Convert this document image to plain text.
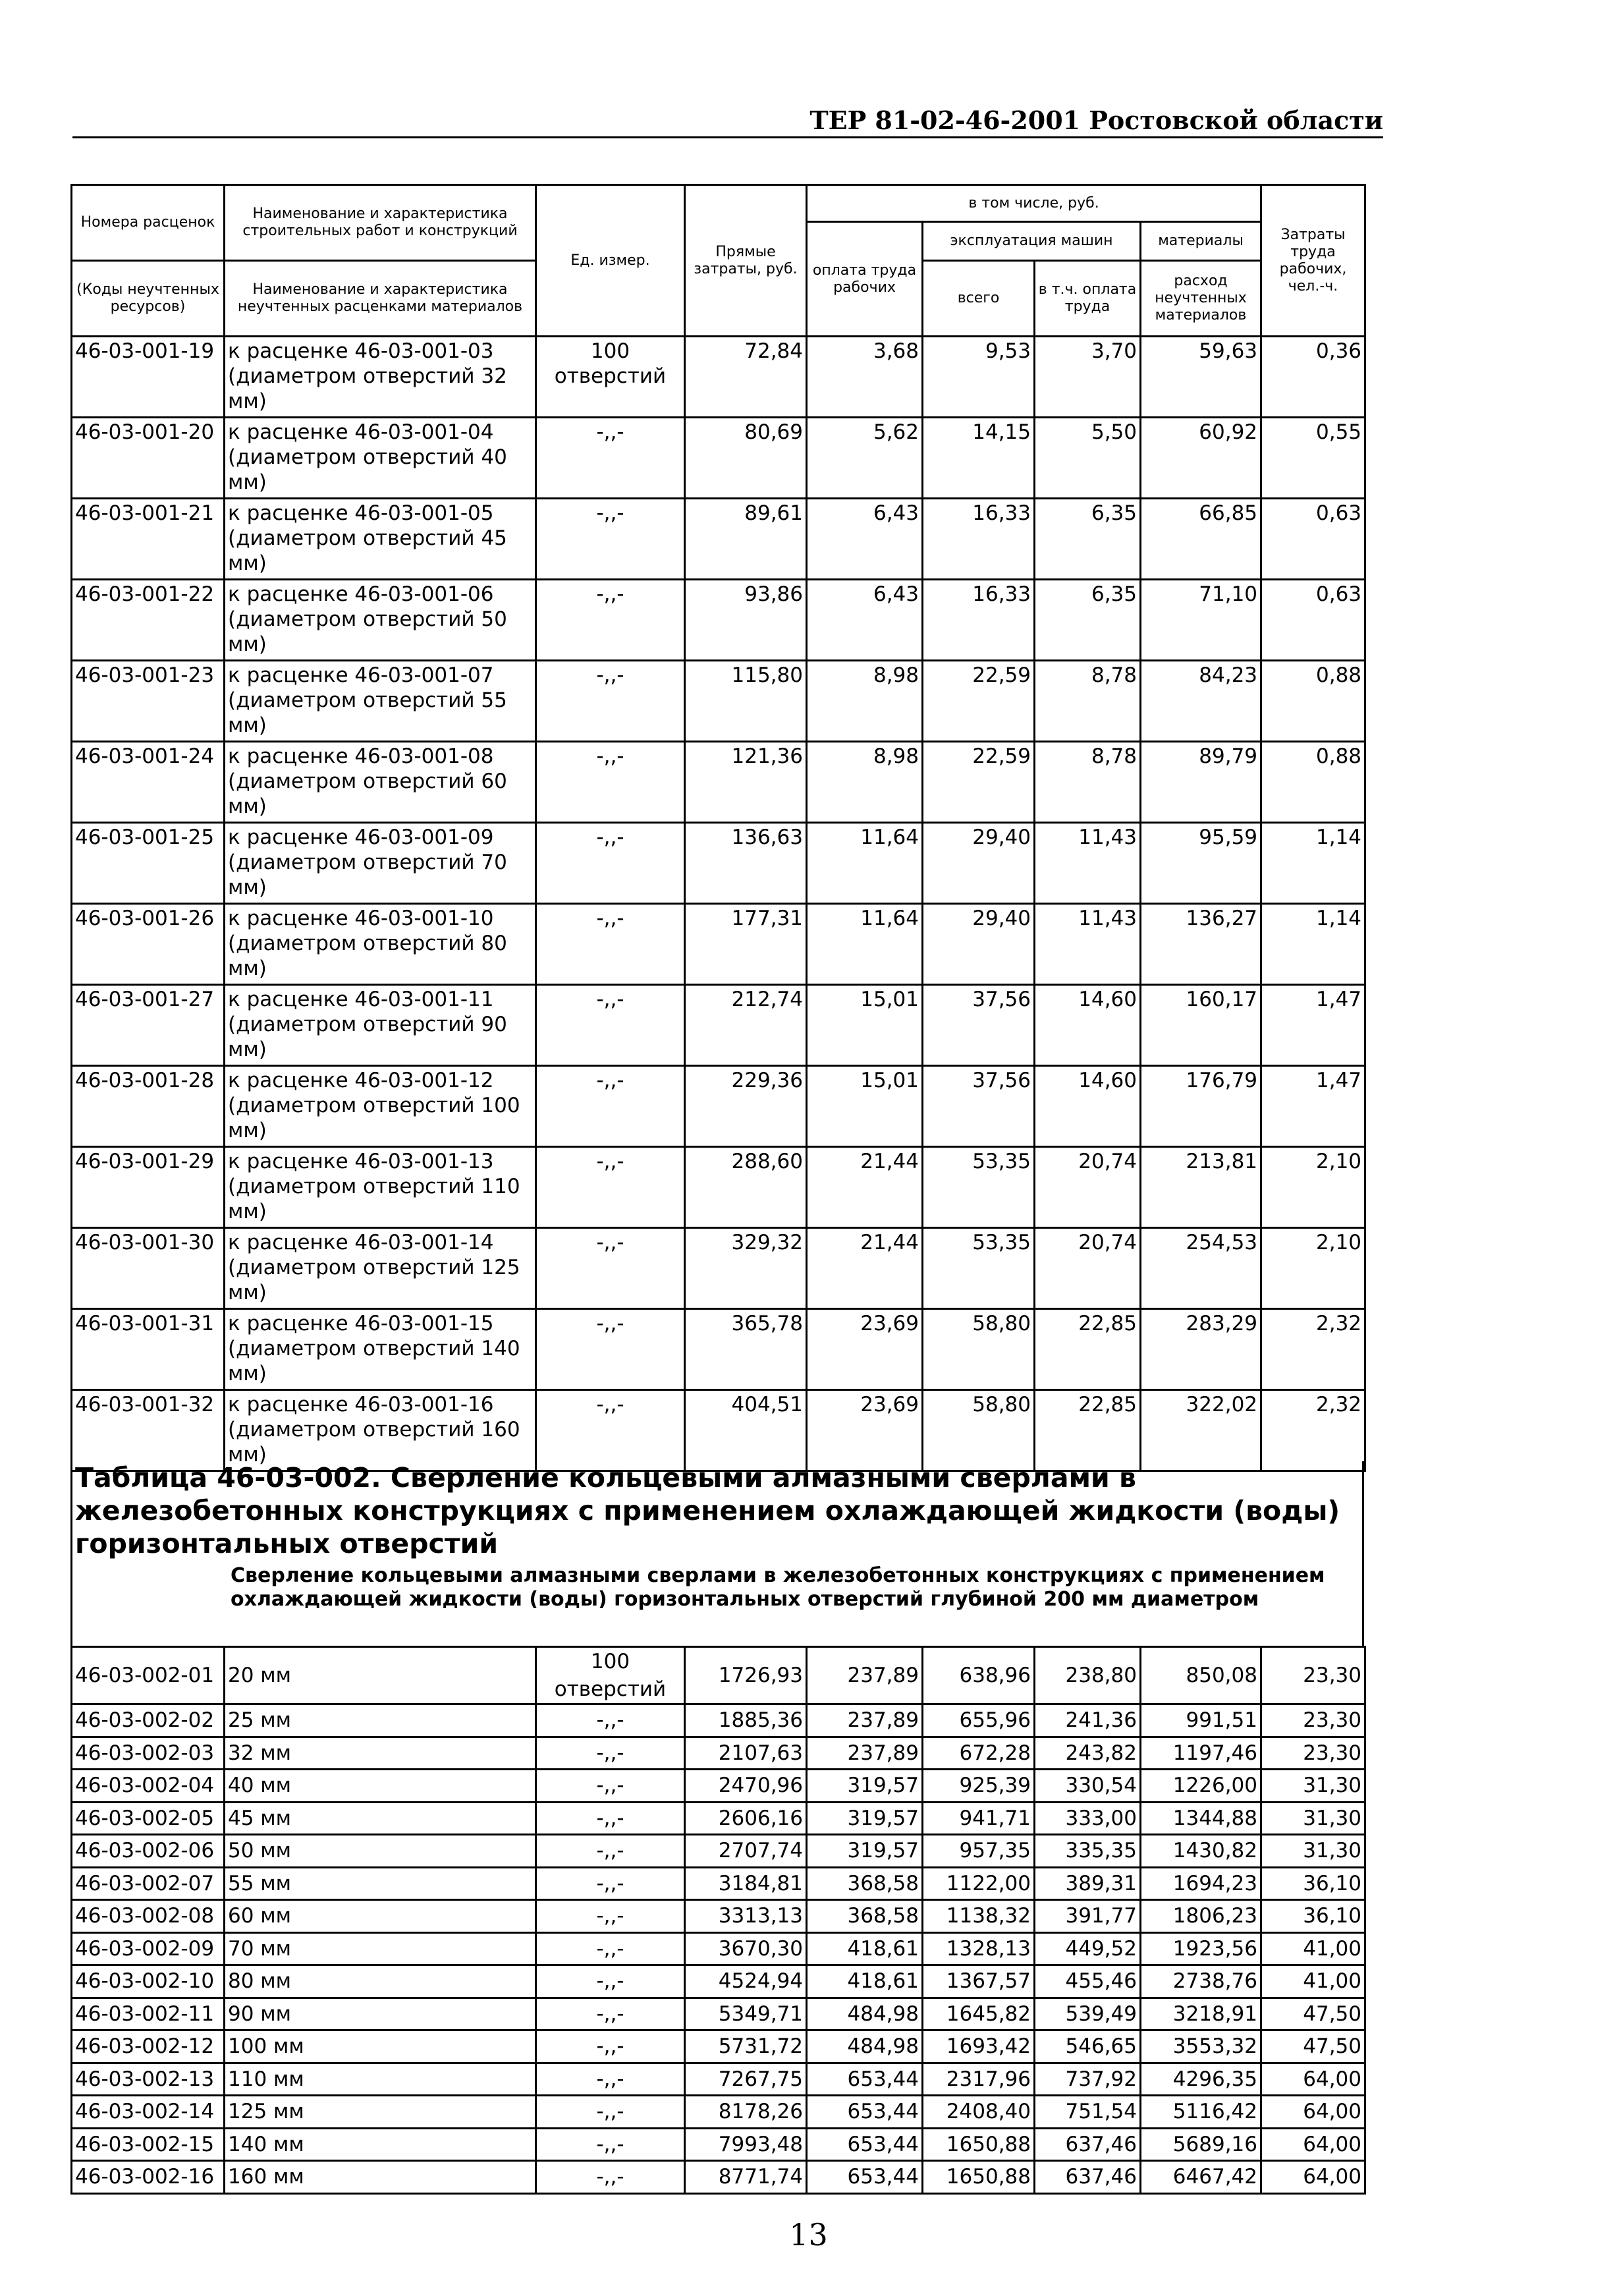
ТЕР 81-02-46-2001 Ростовской области
Номера расценок	Наименование и характеристика строительных работ и конструкций	Ед. измер.	Прямые затраты, руб.	в том числе, руб.				Затраты труда рабочих, чел.-ч.
				оплата труда рабочих	эксплуатация машин		материалы	
(Коды неучтенных ресурсов)	Наименование и характеристика неучтенных расценками материалов				всего	в т.ч. оплата труда	расход неучтенных материалов	
46-03-001-19	к расценке 46-03-001-03 (диаметром отверстий 32 мм)	100 отверстий	72,84	3,68	9,53	3,70	59,63	0,36
46-03-001-20	к расценке 46-03-001-04 (диаметром отверстий 40 мм)	-,,-	80,69	5,62	14,15	5,50	60,92	0,55
46-03-001-21	к расценке 46-03-001-05 (диаметром отверстий 45 мм)	-,,-	89,61	6,43	16,33	6,35	66,85	0,63
46-03-001-22	к расценке 46-03-001-06 (диаметром отверстий 50 мм)	-,,-	93,86	6,43	16,33	6,35	71,10	0,63
46-03-001-23	к расценке 46-03-001-07 (диаметром отверстий 55 мм)	-,,-	115,80	8,98	22,59	8,78	84,23	0,88
46-03-001-24	к расценке 46-03-001-08 (диаметром отверстий 60 мм)	-,,-	121,36	8,98	22,59	8,78	89,79	0,88
46-03-001-25	к расценке 46-03-001-09 (диаметром отверстий 70 мм)	-,,-	136,63	11,64	29,40	11,43	95,59	1,14
46-03-001-26	к расценке 46-03-001-10 (диаметром отверстий 80 мм)	-,,-	177,31	11,64	29,40	11,43	136,27	1,14
46-03-001-27	к расценке 46-03-001-11 (диаметром отверстий 90 мм)	-,,-	212,74	15,01	37,56	14,60	160,17	1,47
46-03-001-28	к расценке 46-03-001-12 (диаметром отверстий 100 мм)	-,,-	229,36	15,01	37,56	14,60	176,79	1,47
46-03-001-29	к расценке 46-03-001-13 (диаметром отверстий 110 мм)	-,,-	288,60	21,44	53,35	20,74	213,81	2,10
46-03-001-30	к расценке 46-03-001-14 (диаметром отверстий 125 мм)	-,,-	329,32	21,44	53,35	20,74	254,53	2,10
46-03-001-31	к расценке 46-03-001-15 (диаметром отверстий 140 мм)	-,,-	365,78	23,69	58,80	22,85	283,29	2,32
46-03-001-32	к расценке 46-03-001-16 (диаметром отверстий 160 мм)	-,,-	404,51	23,69	58,80	22,85	322,02	2,32
Таблица 46-03-002. Сверление кольцевыми алмазными сверлами в железобетонных конструкциях с применением охлаждающей жидкости (воды) горизонтальных отверстий
Сверление кольцевыми алмазными сверлами в железобетонных конструкциях с применением охлаждающей жидкости (воды) горизонтальных отверстий глубиной 200 мм диаметром
46-03-002-01	20 мм	100 отверстий	1726,93	237,89	638,96	238,80	850,08	23,30
46-03-002-02	25 мм	-,,-	1885,36	237,89	655,96	241,36	991,51	23,30
46-03-002-03	32 мм	-,,-	2107,63	237,89	672,28	243,82	1197,46	23,30
46-03-002-04	40 мм	-,,-	2470,96	319,57	925,39	330,54	1226,00	31,30
46-03-002-05	45 мм	-,,-	2606,16	319,57	941,71	333,00	1344,88	31,30
46-03-002-06	50 мм	-,,-	2707,74	319,57	957,35	335,35	1430,82	31,30
46-03-002-07	55 мм	-,,-	3184,81	368,58	1122,00	389,31	1694,23	36,10
46-03-002-08	60 мм	-,,-	3313,13	368,58	1138,32	391,77	1806,23	36,10
46-03-002-09	70 мм	-,,-	3670,30	418,61	1328,13	449,52	1923,56	41,00
46-03-002-10	80 мм	-,,-	4524,94	418,61	1367,57	455,46	2738,76	41,00
46-03-002-11	90 мм	-,,-	5349,71	484,98	1645,82	539,49	3218,91	47,50
46-03-002-12	100 мм	-,,-	5731,72	484,98	1693,42	546,65	3553,32	47,50
46-03-002-13	110 мм	-,,-	7267,75	653,44	2317,96	737,92	4296,35	64,00
46-03-002-14	125 мм	-,,-	8178,26	653,44	2408,40	751,54	5116,42	64,00
46-03-002-15	140 мм	-,,-	7993,48	653,44	1650,88	637,46	5689,16	64,00
46-03-002-16	160 мм	-,,-	8771,74	653,44	1650,88	637,46	6467,42	64,00
13
